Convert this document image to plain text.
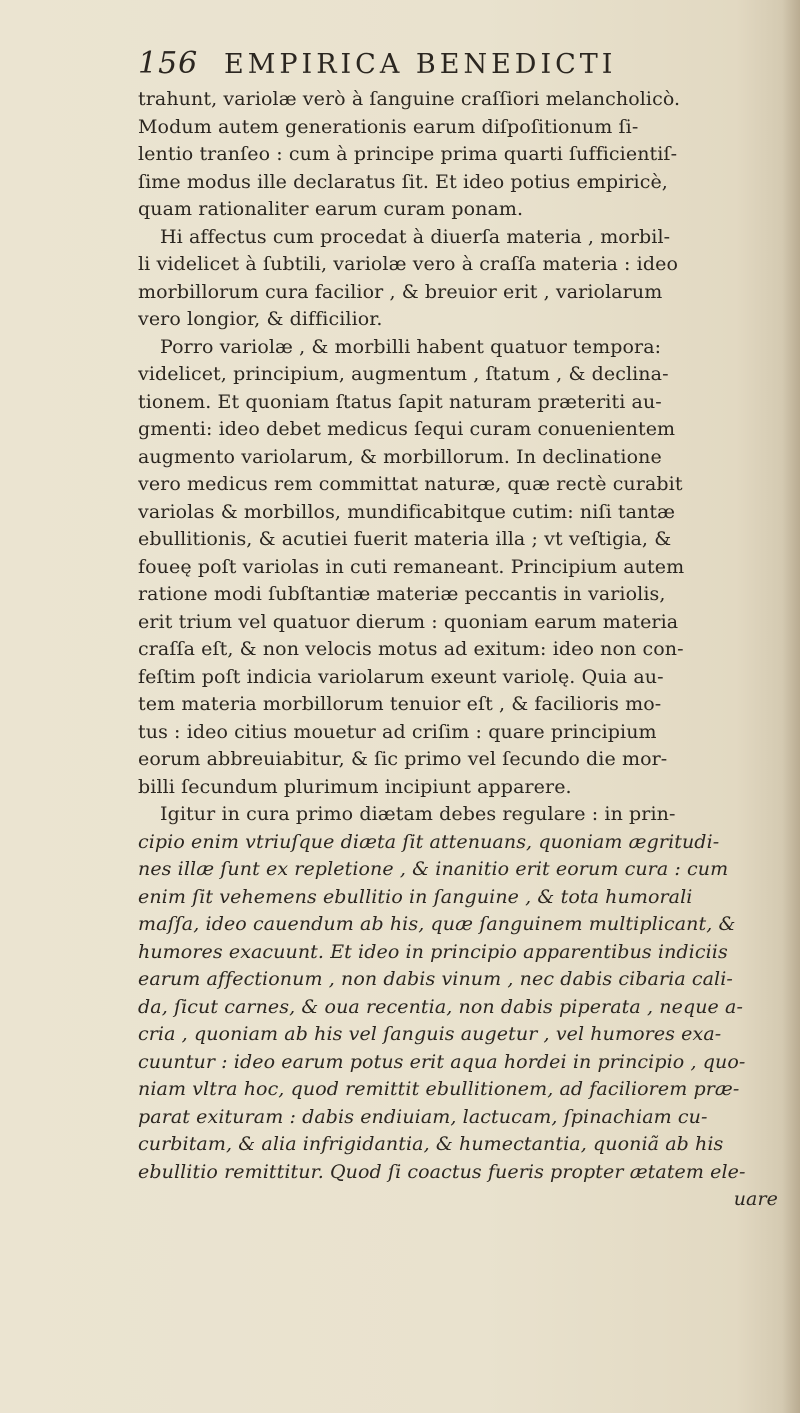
156 EMPIRICA BENEDICTI
trahunt, variolæ verò à ſanguine craſſiori melancholicò.
Modum autem generationis earum diſpoſitionum ſi-
lentio tranſeo : cum à principe prima quarti ſufficientiſ-
ſime modus ille declaratus ſit. Et ideo potius empiricè,
quam rationaliter earum curam ponam.
Hi affectus cum procedat à diuerſa materia , morbil-
li videlicet à ſubtili, variolæ vero à craſſa materia : ideo
morbillorum cura facilior , & breuior erit , variolarum
vero longior, & difficilior.
Porro variolæ , & morbilli habent quatuor tempora:
videlicet, principium, augmentum , ſtatum , & declina-
tionem. Et quoniam ſtatus ſapit naturam præteriti au-
gmenti: ideo debet medicus ſequi curam conuenientem
augmento variolarum, & morbillorum. In declinatione
vero medicus rem committat naturæ, quæ rectè curabit
variolas & morbillos, mundificabitque cutim: niſi tantæ
ebullitionis, & acutiei fuerit materia illa ; vt veſtigia, &
foueę poſt variolas in cuti remaneant. Principium autem
ratione modi ſubſtantiæ materiæ peccantis in variolis,
erit trium vel quatuor dierum : quoniam earum materia
craſſa eſt, & non velocis motus ad exitum: ideo non con-
feſtim poſt indicia variolarum exeunt variolę. Quia au-
tem materia morbillorum tenuior eſt , & facilioris mo-
tus : ideo citius mouetur ad criſim : quare principium
eorum abbreuiabitur, & ſic primo vel ſecundo die mor-
billi ſecundum plurimum incipiunt apparere.
Igitur in cura primo diætam debes regulare : in prin-
cipio enim vtriuſque diæta ſit attenuans, quoniam ægritudi-
nes illæ ſunt ex repletione , & inanitio erit eorum cura : cum
enim ſit vehemens ebullitio in ſanguine , & tota humorali
maſſa, ideo cauendum ab his, quæ ſanguinem multiplicant, &
humores exacuunt. Et ideo in principio apparentibus indiciis
earum affectionum , non dabis vinum , nec dabis cibaria cali-
da, ſicut carnes, & oua recentia, non dabis piperata , neque a-
cria , quoniam ab his vel ſanguis augetur , vel humores exa-
cuuntur : ideo earum potus erit aqua hordei in principio , quo-
niam vltra hoc, quod remittit ebullitionem, ad faciliorem præ-
parat exituram : dabis endiuiam, lactucam, ſpinachiam cu-
curbitam, & alia infrigidantia, & humectantia, quoniã ab his
ebullitio remittitur. Quod ſi coactus fueris propter ætatem ele-
uare
